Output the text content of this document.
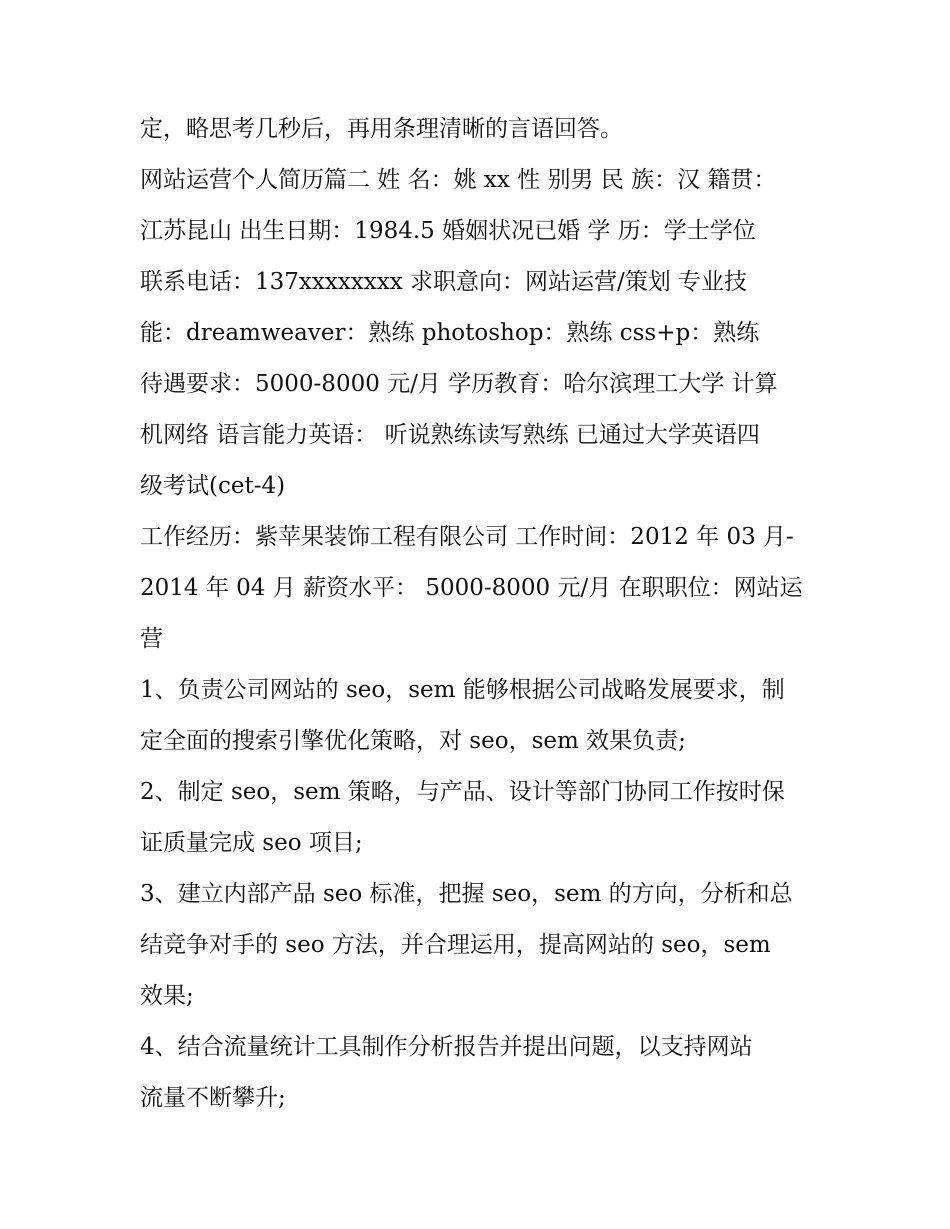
定，略思考几秒后，再用条理清晰的言语回答。
网站运营个人简历篇二 姓 名：姚 xx 性 别男 民 族：汉 籍贯：
江苏昆山 出生日期：1984.5 婚姻状况已婚 学 历：学士学位
联系电话：137xxxxxxxx 求职意向：网站运营/策划 专业技
能：dreamweaver：熟练 photoshop：熟练 css+p：熟练
待遇要求：5000-8000 元/月 学历教育：哈尔滨理工大学 计算
机网络 语言能力英语： 听说熟练读写熟练 已通过大学英语四
级考试(cet-4)
工作经历：紫苹果装饰工程有限公司 工作时间：2012 年 03 月-
2014 年 04 月 薪资水平： 5000-8000 元/月 在职职位：网站运
营
1、负责公司网站的 seo，sem 能够根据公司战略发展要求，制
定全面的搜索引擎优化策略，对 seo，sem 效果负责;
2、制定 seo，sem 策略，与产品、设计等部门协同工作按时保
证质量完成 seo 项目;
3、建立内部产品 seo 标准，把握 seo，sem 的方向，分析和总
结竞争对手的 seo 方法，并合理运用，提高网站的 seo，sem
效果;
4、结合流量统计工具制作分析报告并提出问题，以支持网站
流量不断攀升;
